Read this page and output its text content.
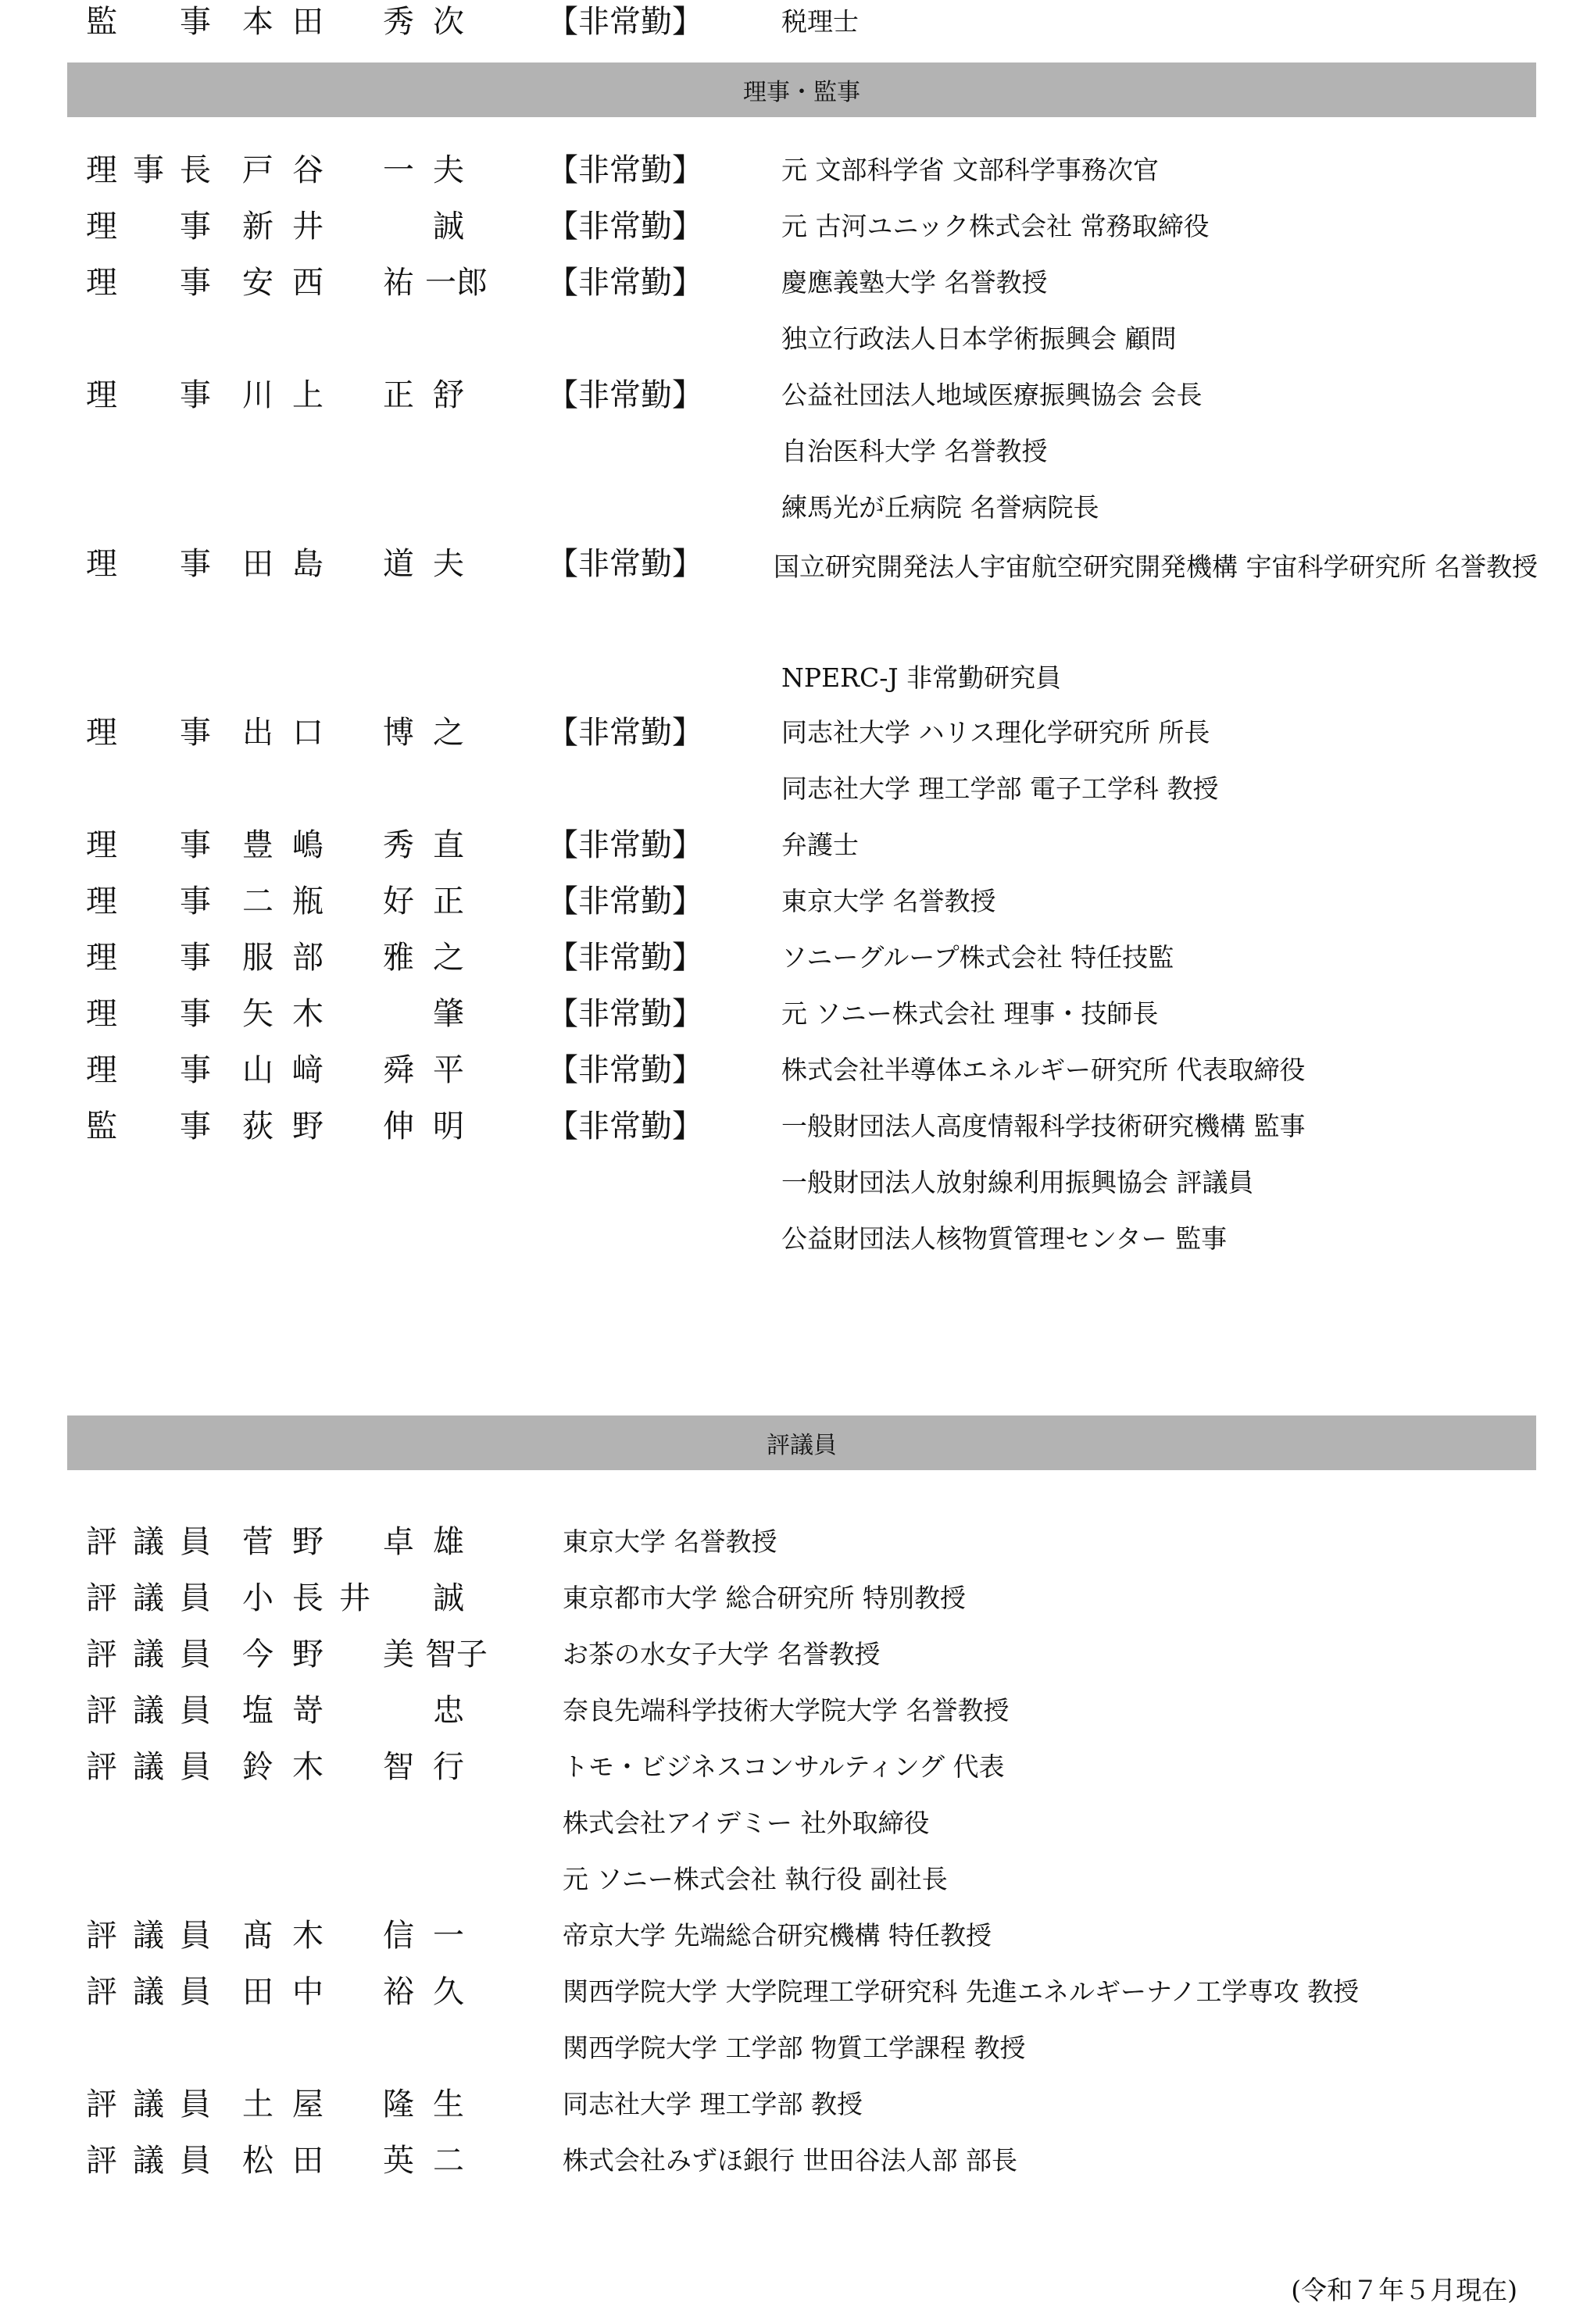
理事・監事
理 事 長 戸 谷 一 夫	【非常勤】	元 文部科学省 文部科学事務次官
理 事 新 井	誠	【非常勤】	元 古河ユニック株式会社 常務取締役
理 事 安 西 祐 一郎	【非常勤】	慶應義塾大学 名誉教授
独立行政法人日本学術振興会 顧問
理 事 川 上 正 舒	【非常勤】	公益社団法人地域医療振興協会 会長
自治医科大学 名誉教授
練馬光が丘病院 名誉病院長
理 事 田 島 道 夫	【非常勤】	国立研究開発法人宇宙航空研究開発機構 宇宙科学研究所 名誉教授
NPERC-J 非常勤研究員
理 事 出 口 博 之	【非常勤】	同志社大学 ハリス理化学研究所 所長
同志社大学 理工学部 電子工学科 教授
理 事 豊 嶋 秀 直	【非常勤】	弁護士
理 事 二 瓶 好 正	【非常勤】	東京大学 名誉教授
理 事 服 部 雅 之	【非常勤】	ソニーグループ株式会社 特任技監
理 事 矢 木	肇	【非常勤】	元 ソニー株式会社 理事・技師長
理 事 山 﨑 舜 平	【非常勤】	株式会社半導体エネルギー研究所 代表取締役
監 事 荻 野 伸 明	【非常勤】	一般財団法人高度情報科学技術研究機構 監事
一般財団法人放射線利用振興協会 評議員
公益財団法人核物質管理センター 監事
監 事 本 田 秀 次	【非常勤】	税理士
評議員
評 議 員 菅 野 卓 雄	東京大学 名誉教授
評 議 員 小 長 井 誠	東京都市大学 総合研究所 特別教授
評 議 員 今 野 美 智子	お茶の水女子大学 名誉教授
評 議 員 塩 嵜	忠	奈良先端科学技術大学院大学 名誉教授
評 議 員 鈴 木 智 行	トモ・ビジネスコンサルティング 代表
株式会社アイデミー 社外取締役
元 ソニー株式会社 執行役 副社長
評 議 員 髙 木 信 一	帝京大学 先端総合研究機構 特任教授
評 議 員 田 中 裕 久	関西学院大学 大学院理工学研究科 先進エネルギーナノ工学専攻 教授
関西学院大学 工学部 物質工学課程 教授
評 議 員 土 屋 隆 生	同志社大学 理工学部 教授
評 議 員 松 田 英 二	株式会社みずほ銀行 世田谷法人部 部長
(令和７年５月現在)
